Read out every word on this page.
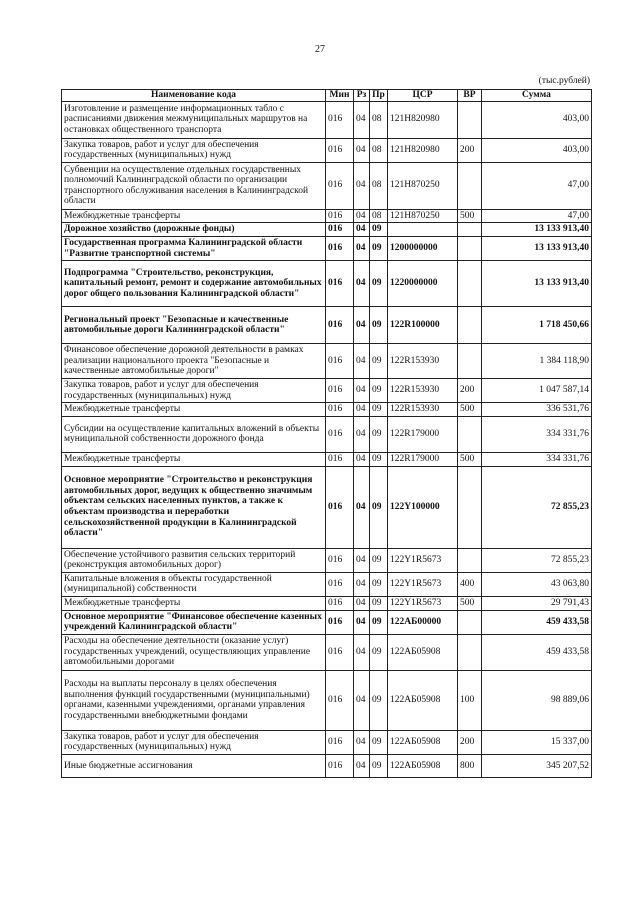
27
(тыс.рублей)
Наименование кода	Мин	Рз	Пр	ЦСР	ВР	Сумма
Изготовление и размещение информационных табло с расписаниями движения межмуниципальных маршрутов на остановках общественного транспорта	016	04	08	121Н820980		403,00
Закупка товаров, работ и услуг для обеспечения государственных (муниципальных) нужд	016	04	08	121Н820980	200	403,00
Субвенции на осуществление отдельных государственных полномочий Калининградской области по организации транспортного обслуживания населения в Калининградской области	016	04	08	121Н870250		47,00
Межбюджетные трансферты	016	04	08	121Н870250	500	47,00
Дорожное хозяйство (дорожные фонды)	016	04	09			13 133 913,40
Государственная программа Калининградской области "Развитие транспортной системы"	016	04	09	1200000000		13 133 913,40
Подпрограмма "Строительство, реконструкция, капитальный ремонт, ремонт и содержание автомобильных дорог общего пользования Калининградской области"	016	04	09	1220000000		13 133 913,40
Региональный проект "Безопасные и качественные автомобильные дороги Калининградской области"	016	04	09	122R100000		1 718 450,66
Финансовое обеспечение дорожной деятельности в рамках реализации национального проекта "Безопасные и качественные автомобильные дороги"	016	04	09	122R153930		1 384 118,90
Закупка товаров, работ и услуг для обеспечения государственных (муниципальных) нужд	016	04	09	122R153930	200	1 047 587,14
Межбюджетные трансферты	016	04	09	122R153930	500	336 531,76
Субсидии на осуществление капитальных вложений в объекты муниципальной собственности дорожного фонда	016	04	09	122R179000		334 331,76
Межбюджетные трансферты	016	04	09	122R179000	500	334 331,76
Основное мероприятие "Строительство и реконструкция автомобильных дорог, ведущих к общественно значимым объектам сельских населенных пунктов, а также к объектам производства и переработки сельскохозяйственной продукции в Калининградской области"	016	04	09	122Y100000		72 855,23
Обеспечение устойчивого развития сельских территорий (реконструкция автомобильных дорог)	016	04	09	122Y1R5673		72 855,23
Капитальные вложения в объекты государственной (муниципальной) собственности	016	04	09	122Y1R5673	400	43 063,80
Межбюджетные трансферты	016	04	09	122Y1R5673	500	29 791,43
Основное мероприятие "Финансовое обеспечение казенных учреждений Калининградской области"	016	04	09	122АБ00000		459 433,58
Расходы на обеспечение деятельности (оказание услуг) государственных учреждений, осуществляющих управление автомобильными дорогами	016	04	09	122АБ05908		459 433,58
Расходы на выплаты персоналу в целях обеспечения выполнения функций государственными (муниципальными) органами, казенными учреждениями, органами управления государственными внебюджетными фондами	016	04	09	122АБ05908	100	98 889,06
Закупка товаров, работ и услуг для обеспечения государственных (муниципальных) нужд	016	04	09	122АБ05908	200	15 337,00
Иные бюджетные ассигнования	016	04	09	122АБ05908	800	345 207,52
